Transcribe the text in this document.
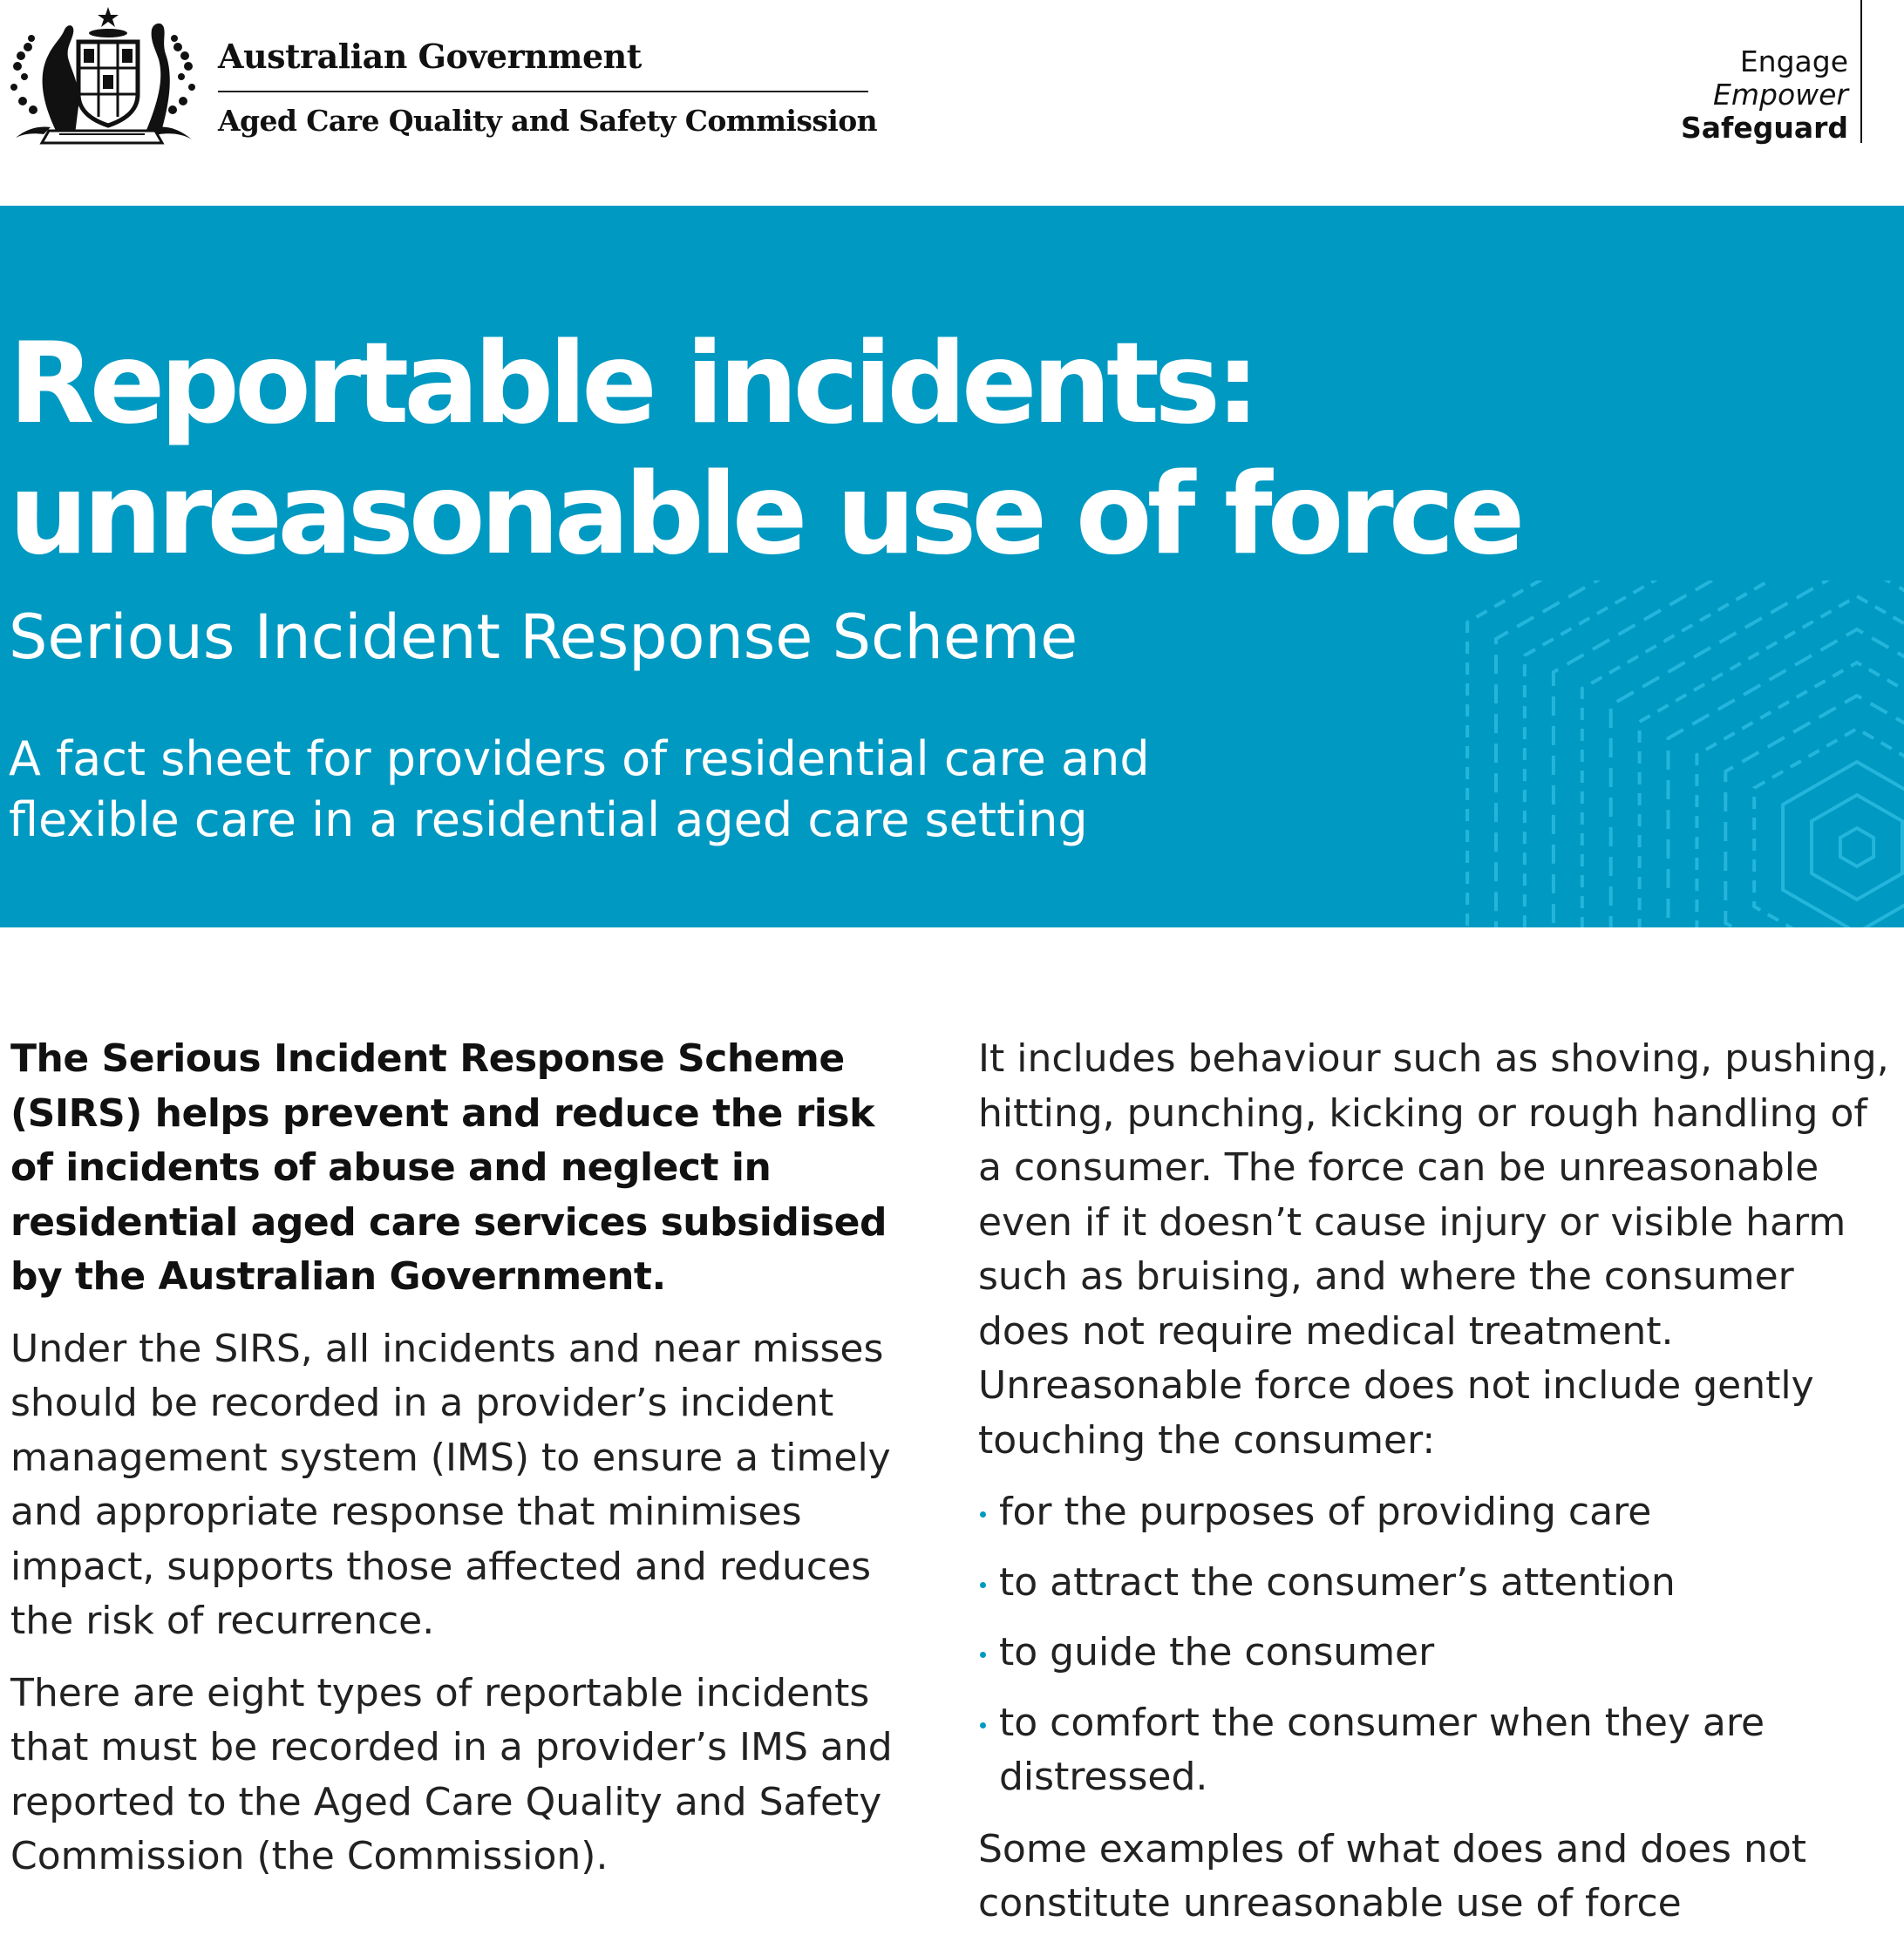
Australian Government
Aged Care Quality and Safety Commission
Engage
Empower
Safeguard
Reportable incidents:
unreasonable use of force
Serious Incident Response Scheme
A fact sheet for providers of residential care and
flexible care in a residential aged care setting

The Serious Incident Response Scheme (SIRS) helps prevent and reduce the risk of incidents of abuse and neglect in residential aged care services subsidised by the Australian Government.

Under the SIRS, all incidents and near misses should be recorded in a provider’s incident management system (IMS) to ensure a timely and appropriate response that minimises impact, supports those affected and reduces the risk of recurrence.

There are eight types of reportable incidents that must be recorded in a provider’s IMS and reported to the Aged Care Quality and Safety Commission (the Commission).

It includes behaviour such as shoving, pushing, hitting, punching, kicking or rough handling of a consumer. The force can be unreasonable even if it doesn’t cause injury or visible harm such as bruising, and where the consumer does not require medical treatment. Unreasonable force does not include gently touching the consumer:

for the purposes of providing care
to attract the consumer’s attention
to guide the consumer
to comfort the consumer when they are distressed.

Some examples of what does and does not constitute unreasonable use of force
